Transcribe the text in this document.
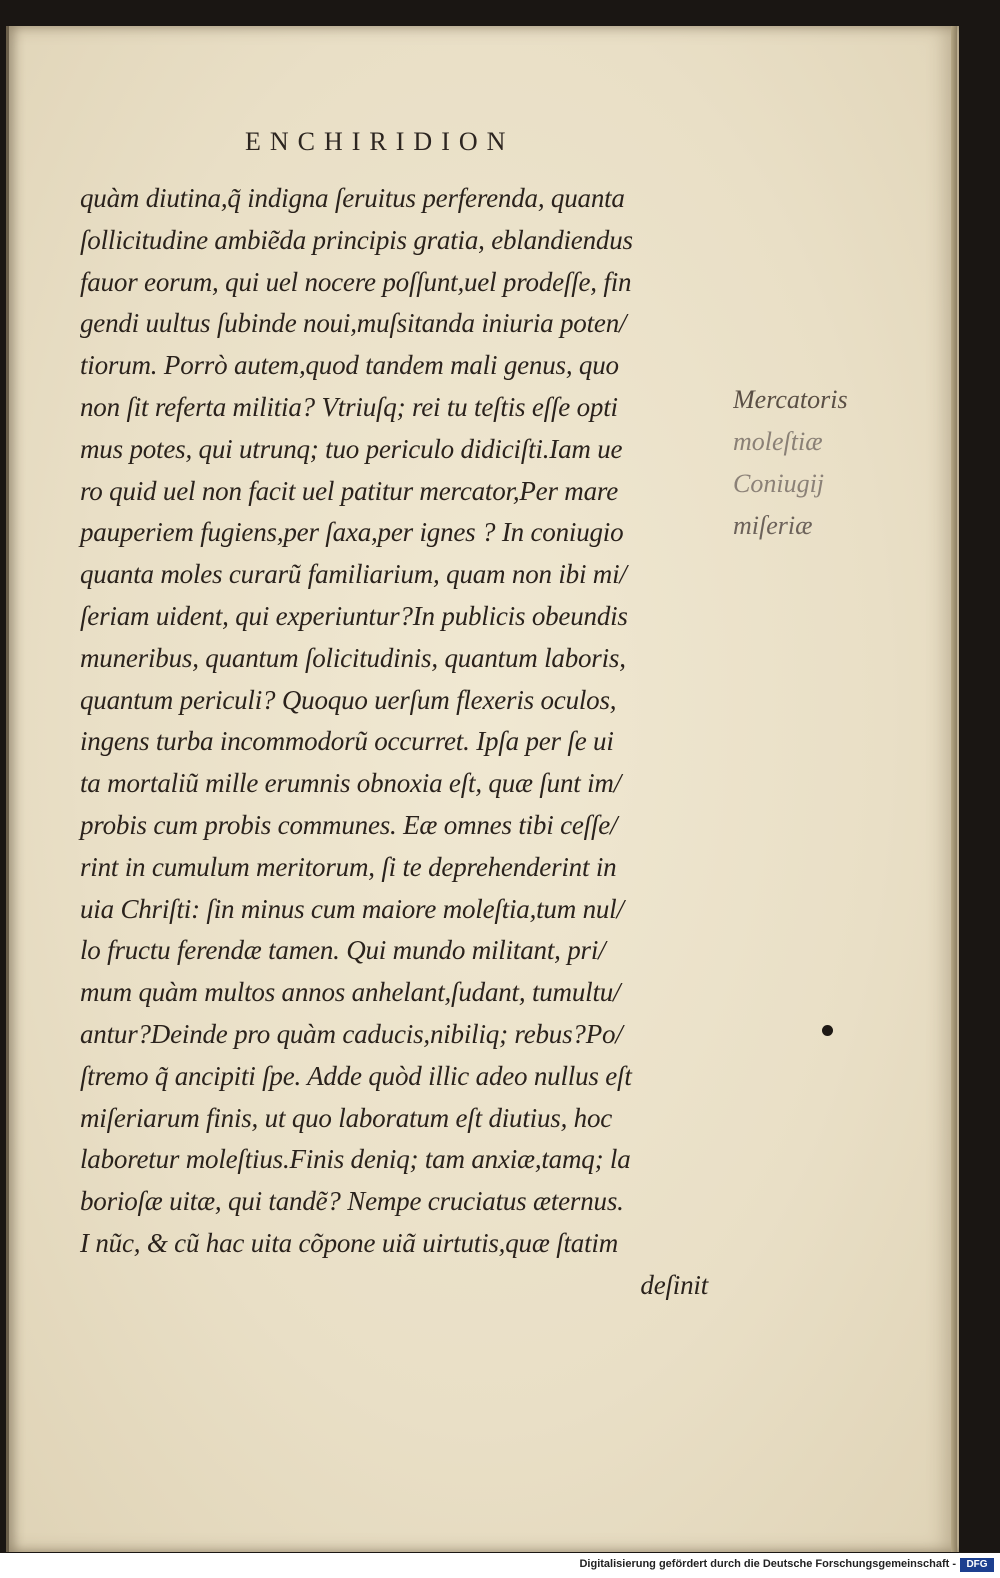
ENCHIRIDION
quàm diutina,q̃ indigna ſeruitus perferenda, quanta
ſollicitudine ambiẽda principis gratia, eblandiendus
fauor eorum, qui uel nocere poſſunt,uel prodeſſe, fin
gendi uultus ſubinde noui,muſsitanda iniuria poten/
tiorum. Porrò autem,quod tandem mali genus, quo
non ſit referta militia? Vtriuſq; rei tu teſtis eſſe opti
mus potes, qui utrunq; tuo periculo didiciſti.Iam ue
ro quid uel non facit uel patitur mercator,Per mare
pauperiem fugiens,per ſaxa,per ignes ? In coniugio
quanta moles curarũ familiarium, quam non ibi mi/
ſeriam uident, qui experiuntur?In publicis obeundis
muneribus, quantum ſolicitudinis, quantum laboris,
quantum periculi? Quoquo uerſum flexeris oculos,
ingens turba incommodorũ occurret. Ipſa per ſe ui
ta mortaliũ mille erumnis obnoxia eſt, quæ ſunt im/
probis cum probis communes. Eæ omnes tibi ceſſe/
rint in cumulum meritorum, ſi te deprehenderint in
uia Chriſti: ſin minus cum maiore moleſtia,tum nul/
lo fructu ferendæ tamen. Qui mundo militant, pri/
mum quàm multos annos anhelant,ſudant, tumultu/
antur?Deinde pro quàm caducis,nibiliq; rebus?Po/
ſtremo q̃ ancipiti ſpe. Adde quòd illic adeo nullus eſt
miſeriarum finis, ut quo laboratum eſt diutius, hoc
laboretur moleſtius.Finis deniq; tam anxiæ,tamq; la
borioſæ uitæ, qui tandẽ? Nempe cruciatus æternus.
I nũc, & cũ hac uita cõpone uiã uirtutis,quæ ſtatim
deſinit
Mercatoris
moleſtiæ
Coniugij
miſeriæ
Digitalisierung gefördert durch die Deutsche Forschungsgemeinschaft -	DFG
